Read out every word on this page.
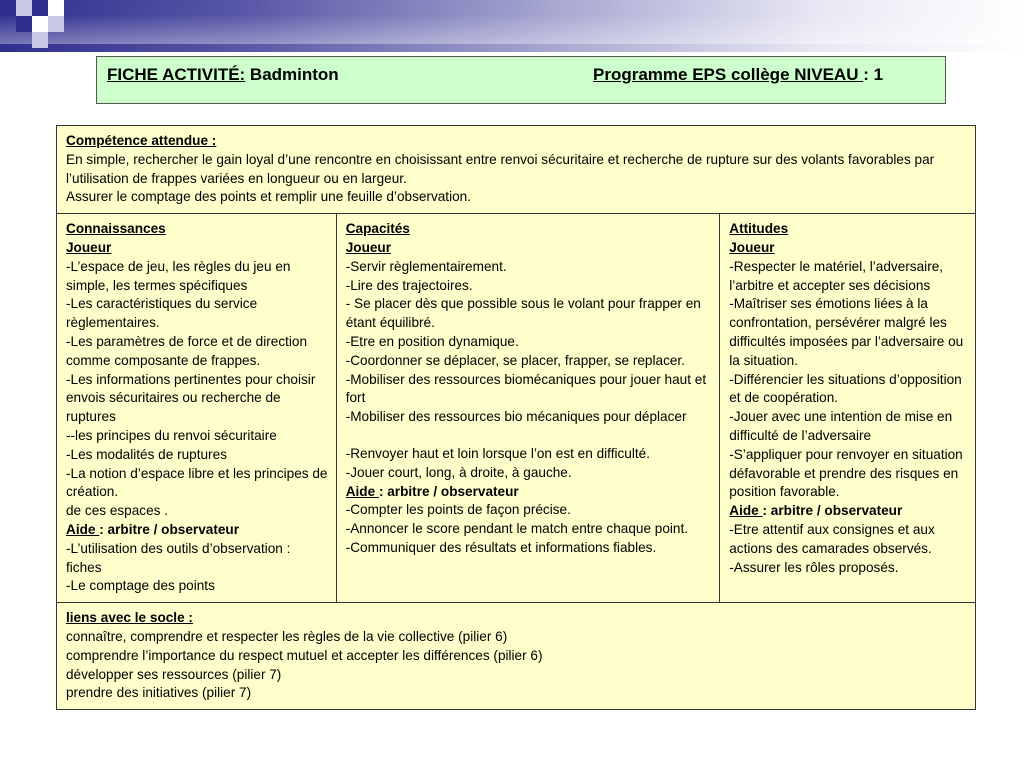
FICHE ACTIVITÉ: Badminton	Programme EPS collège NIVEAU : 1
Compétence attendue :
En simple, rechercher le gain loyal d’une rencontre en choisissant entre renvoi sécuritaire et recherche de rupture sur des volants favorables par l’utilisation de frappes variées en longueur ou en largeur.
Assurer le comptage des points et remplir une feuille d’observation.

Connaissances
Joueur
-L’espace de jeu, les règles du jeu en simple, les termes spécifiques
-Les caractéristiques du service règlementaires.
-Les paramètres de force et de direction comme composante de frappes.
-Les informations pertinentes pour choisir envois sécuritaires ou recherche de ruptures
--les principes du renvoi sécuritaire
-Les modalités de ruptures
-La notion d’espace libre et les principes de création.
de ces espaces .
Aide : arbitre / observateur
-L’utilisation des outils d’observation : fiches
-Le comptage des points

Capacités
Joueur
-Servir règlementairement.
-Lire des trajectoires.
- Se placer dès que possible sous le volant pour frapper en étant équilibré.
-Etre en position dynamique.
-Coordonner se déplacer, se placer, frapper, se replacer.
-Mobiliser des ressources biomécaniques pour jouer haut et fort
-Mobiliser des ressources bio mécaniques pour déplacer
-Renvoyer haut et loin lorsque l’on est en difficulté.
-Jouer court, long, à droite, à gauche.
Aide : arbitre / observateur
-Compter les points de façon précise.
-Annoncer le score pendant le match entre chaque point.
-Communiquer des résultats et informations fiables.

Attitudes
Joueur
-Respecter le matériel, l’adversaire, l’arbitre et accepter ses décisions
-Maîtriser ses émotions liées à la confrontation, persévérer malgré les difficultés imposées par l’adversaire ou la situation.
-Différencier les situations d’opposition et de coopération.
-Jouer avec une intention de mise en difficulté de l’adversaire
-S’appliquer pour renvoyer en situation défavorable et prendre des risques en position favorable.
Aide : arbitre / observateur
-Etre attentif aux consignes et aux actions des camarades observés.
-Assurer les rôles proposés.

liens avec le socle :
connaître, comprendre et respecter les règles de la vie collective (pilier 6)
comprendre l’importance du respect mutuel et accepter les différences (pilier 6)
développer ses ressources (pilier 7)
prendre des initiatives (pilier 7)
